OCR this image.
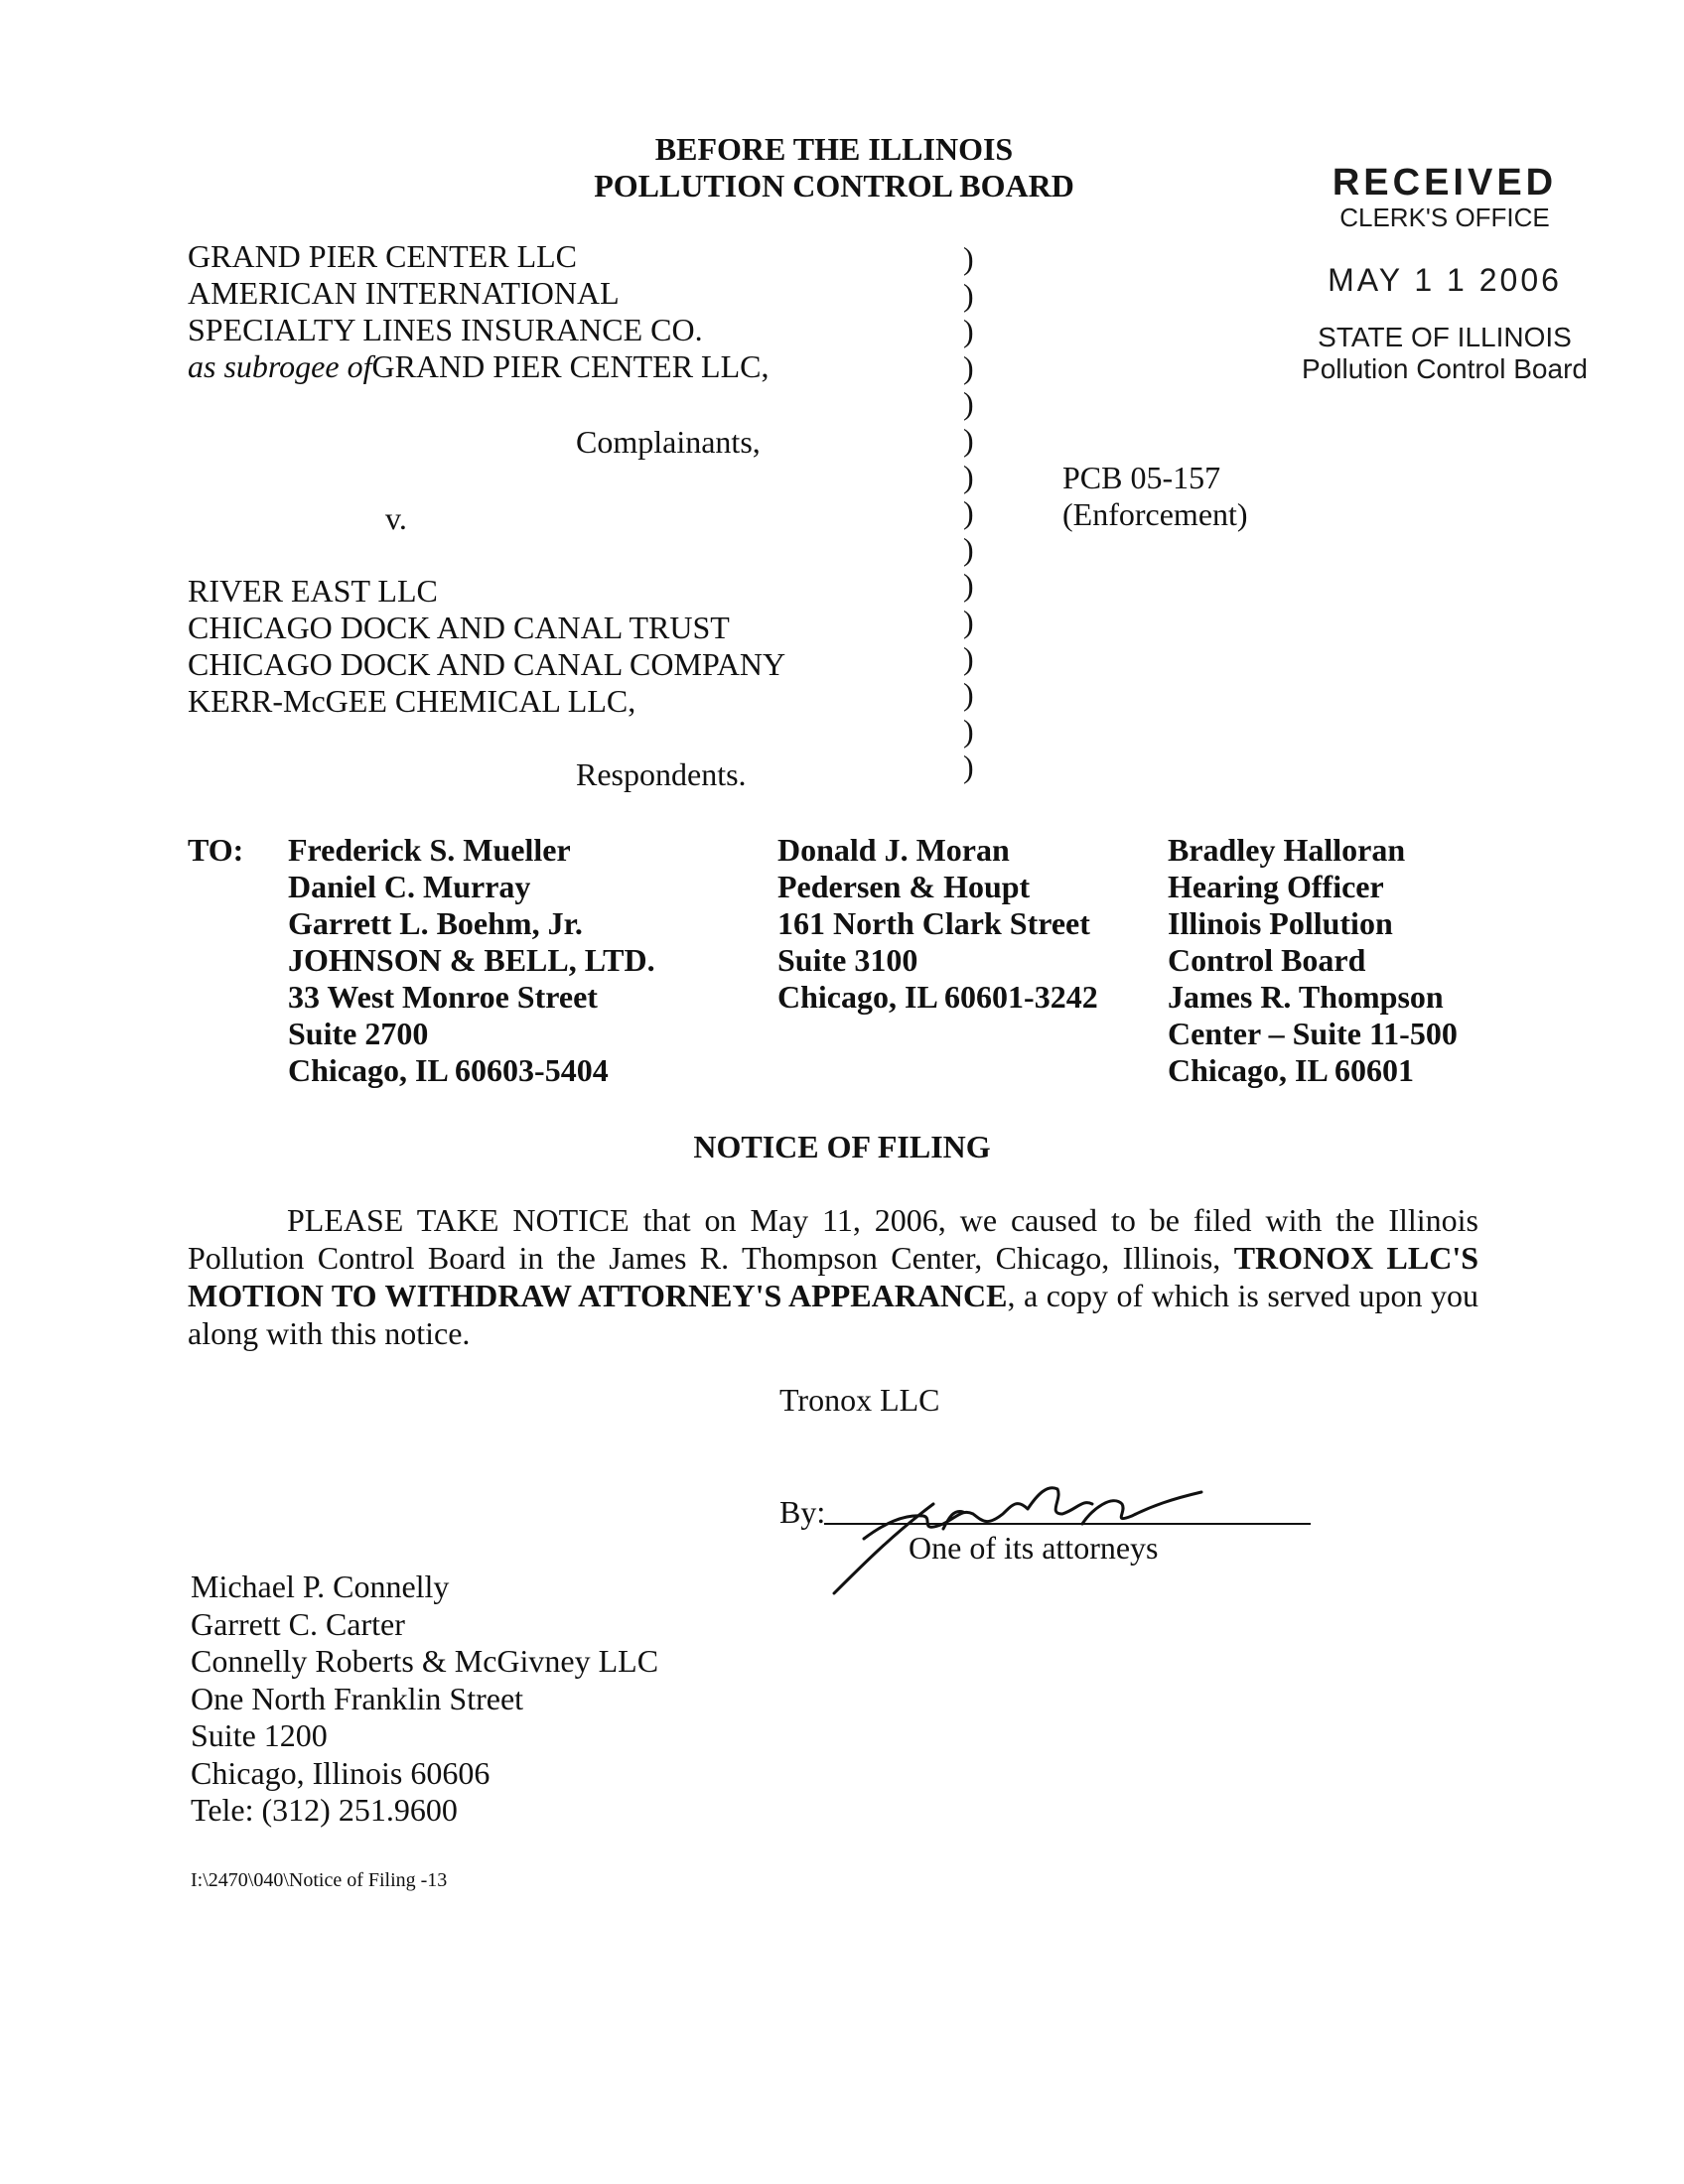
BEFORE THE ILLINOIS
POLLUTION CONTROL BOARD	RECEIVED
CLERK'S OFFICE
MAY 1 1 2006
STATE OF ILLINOIS
Pollution Control Board
GRAND PIER CENTER LLC
AMERICAN INTERNATIONAL
SPECIALTY LINES INSURANCE CO.
as subrogee ofGRAND PIER CENTER LLC,
Complainants,
v.
RIVER EAST LLC
CHICAGO DOCK AND CANAL TRUST
CHICAGO DOCK AND CANAL COMPANY
KERR-McGEE CHEMICAL LLC,
Respondents.
)
)
)
)
)
)
)
)
)
)
)
)
)
)
)
PCB 05-157
(Enforcement)
TO: Frederick S. Mueller
Daniel C. Murray
Garrett L. Boehm, Jr.
JOHNSON & BELL, LTD.
33 West Monroe Street
Suite 2700
Chicago, IL 60603-5404
Donald J. Moran
Pedersen & Houpt
161 North Clark Street
Suite 3100
Chicago, IL 60601-3242
Bradley Halloran
Hearing Officer
Illinois Pollution
Control Board
James R. Thompson
Center – Suite 11-500
Chicago, IL 60601
NOTICE OF FILING
PLEASE TAKE NOTICE that on May 11, 2006, we caused to be filed with the Illinois Pollution Control Board in the James R. Thompson Center, Chicago, Illinois, TRONOX LLC'S MOTION TO WITHDRAW ATTORNEY'S APPEARANCE, a copy of which is served upon you along with this notice.
Tronox LLC
By:
One of its attorneys
Michael P. Connelly
Garrett C. Carter
Connelly Roberts & McGivney LLC
One North Franklin Street
Suite 1200
Chicago, Illinois 60606
Tele: (312) 251.9600
I:\2470\040\Notice of Filing -13
